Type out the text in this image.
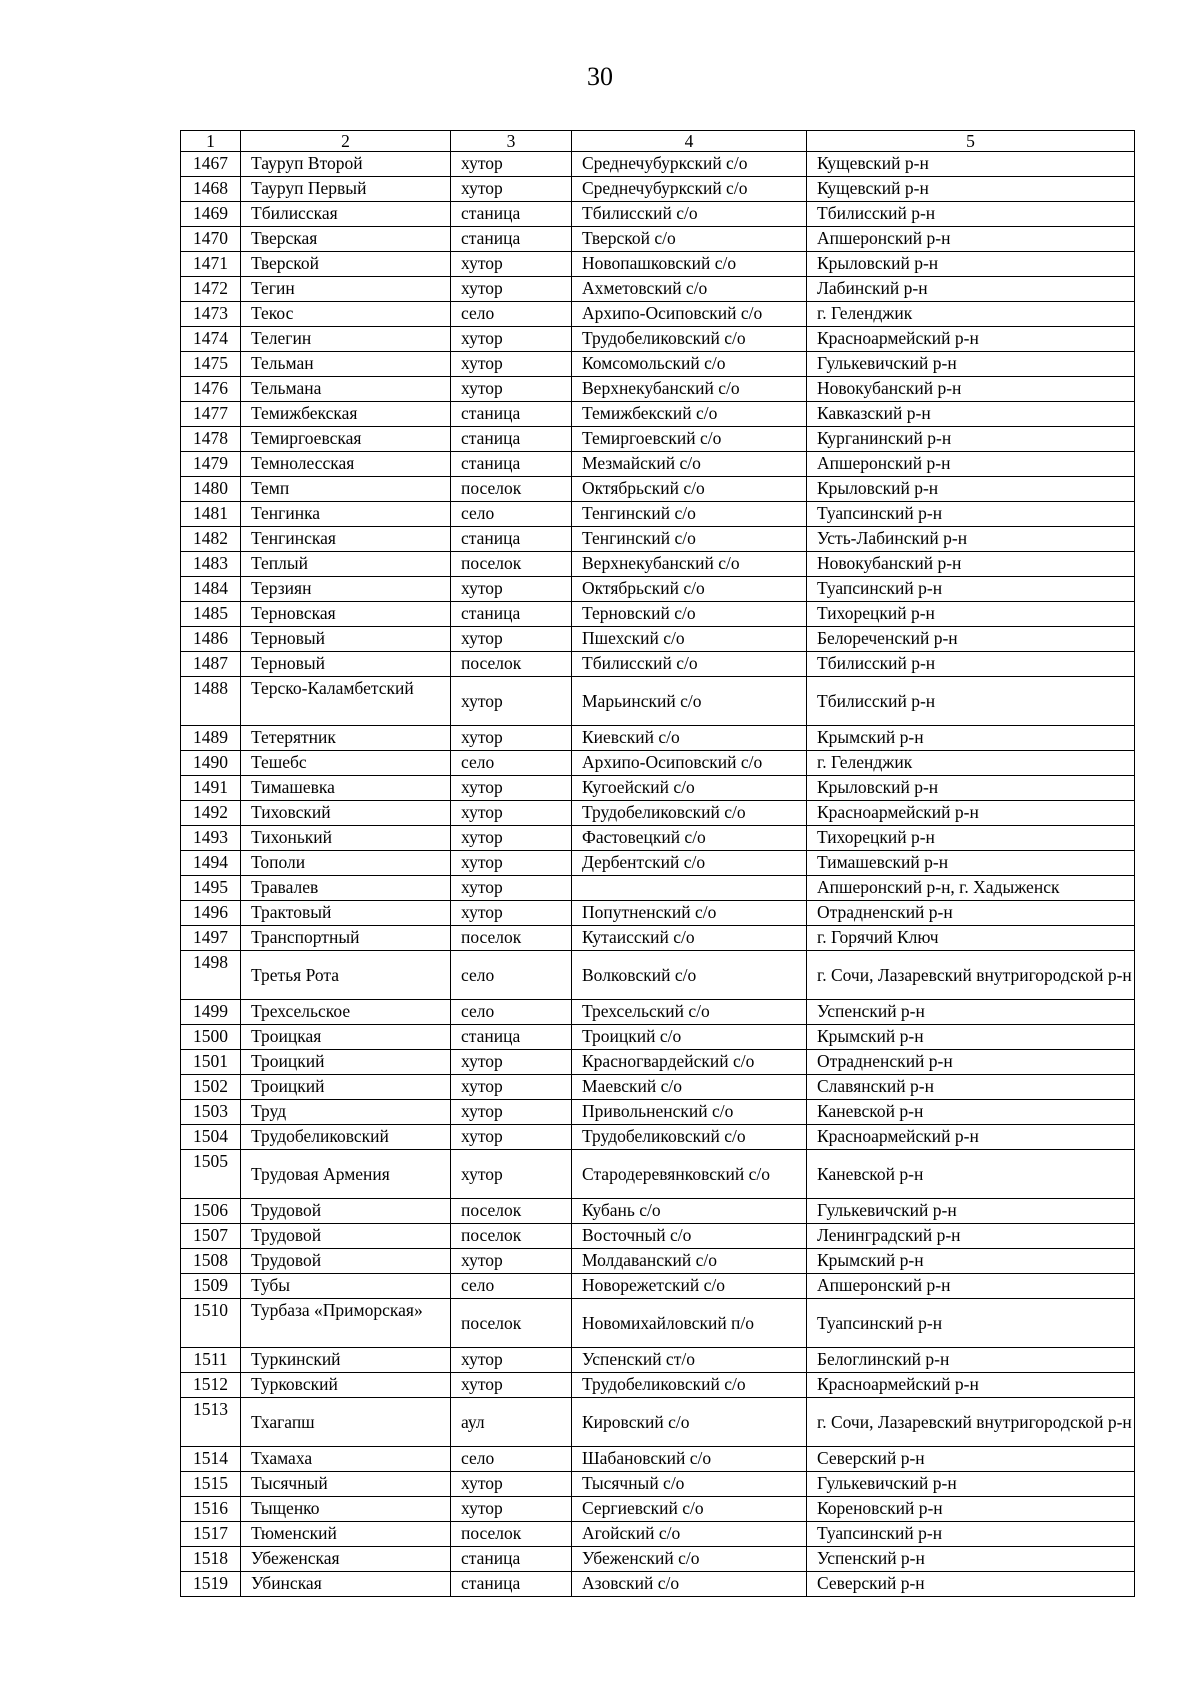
30
1	2	3	4	5
1467	Тауруп Второй	хутор	Среднечубуркский с/о	Кущевский р-н
1468	Тауруп Первый	хутор	Среднечубуркский с/о	Кущевский р-н
1469	Тбилисская	станица	Тбилисский с/о	Тбилисский р-н
1470	Тверская	станица	Тверской с/о	Апшеронский р-н
1471	Тверской	хутор	Новопашковский с/о	Крыловский р-н
1472	Тегин	хутор	Ахметовский с/о	Лабинский р-н
1473	Текос	село	Архипо-Осиповский с/о	г. Геленджик
1474	Телегин	хутор	Трудобеликовский с/о	Красноармейский р-н
1475	Тельман	хутор	Комсомольский с/о	Гулькевичский р-н
1476	Тельмана	хутор	Верхнекубанский с/о	Новокубанский р-н
1477	Темижбекская	станица	Темижбекский с/о	Кавказский р-н
1478	Темиргоевская	станица	Темиргоевский с/о	Курганинский р-н
1479	Темнолесская	станица	Мезмайский с/о	Апшеронский р-н
1480	Темп	поселок	Октябрьский с/о	Крыловский р-н
1481	Тенгинка	село	Тенгинский с/о	Туапсинский р-н
1482	Тенгинская	станица	Тенгинский с/о	Усть-Лабинский р-н
1483	Теплый	поселок	Верхнекубанский с/о	Новокубанский р-н
1484	Терзиян	хутор	Октябрьский с/о	Туапсинский р-н
1485	Терновская	станица	Терновский с/о	Тихорецкий р-н
1486	Терновый	хутор	Пшехский с/о	Белореченский р-н
1487	Терновый	поселок	Тбилисский с/о	Тбилисский р-н
1488	Терско-Каламбетский	хутор	Марьинский с/о	Тбилисский р-н
1489	Тетерятник	хутор	Киевский с/о	Крымский р-н
1490	Тешебс	село	Архипо-Осиповский с/о	г. Геленджик
1491	Тимашевка	хутор	Кугоейский с/о	Крыловский р-н
1492	Тиховский	хутор	Трудобеликовский с/о	Красноармейский р-н
1493	Тихонький	хутор	Фастовецкий с/о	Тихорецкий р-н
1494	Тополи	хутор	Дербентский с/о	Тимашевский р-н
1495	Травалев	хутор		Апшеронский р-н, г. Хадыженск
1496	Трактовый	хутор	Попутненский с/о	Отрадненский р-н
1497	Транспортный	поселок	Кутаисский с/о	г. Горячий Ключ
1498	Третья Рота	село	Волковский с/о	г. Сочи, Лазаревский внутригородской р-н
1499	Трехсельское	село	Трехсельский с/о	Успенский р-н
1500	Троицкая	станица	Троицкий с/о	Крымский р-н
1501	Троицкий	хутор	Красногвардейский с/о	Отрадненский р-н
1502	Троицкий	хутор	Маевский с/о	Славянский р-н
1503	Труд	хутор	Привольненский с/о	Каневской р-н
1504	Трудобеликовский	хутор	Трудобеликовский с/о	Красноармейский р-н
1505	Трудовая Армения	хутор	Стародеревянковский с/о	Каневской р-н
1506	Трудовой	поселок	Кубань с/о	Гулькевичский р-н
1507	Трудовой	поселок	Восточный с/о	Ленинградский р-н
1508	Трудовой	хутор	Молдаванский с/о	Крымский р-н
1509	Тубы	село	Новорежетский с/о	Апшеронский р-н
1510	Турбаза «Приморская»	поселок	Новомихайловский п/о	Туапсинский р-н
1511	Туркинский	хутор	Успенский ст/о	Белоглинский р-н
1512	Турковский	хутор	Трудобеликовский с/о	Красноармейский р-н
1513	Тхагапш	аул	Кировский с/о	г. Сочи, Лазаревский внутригородской р-н
1514	Тхамаха	село	Шабановский с/о	Северский р-н
1515	Тысячный	хутор	Тысячный с/о	Гулькевичский р-н
1516	Тыщенко	хутор	Сергиевский с/о	Кореновский р-н
1517	Тюменский	поселок	Агойский с/о	Туапсинский р-н
1518	Убеженская	станица	Убеженский с/о	Успенский р-н
1519	Убинская	станица	Азовский с/о	Северский р-н
